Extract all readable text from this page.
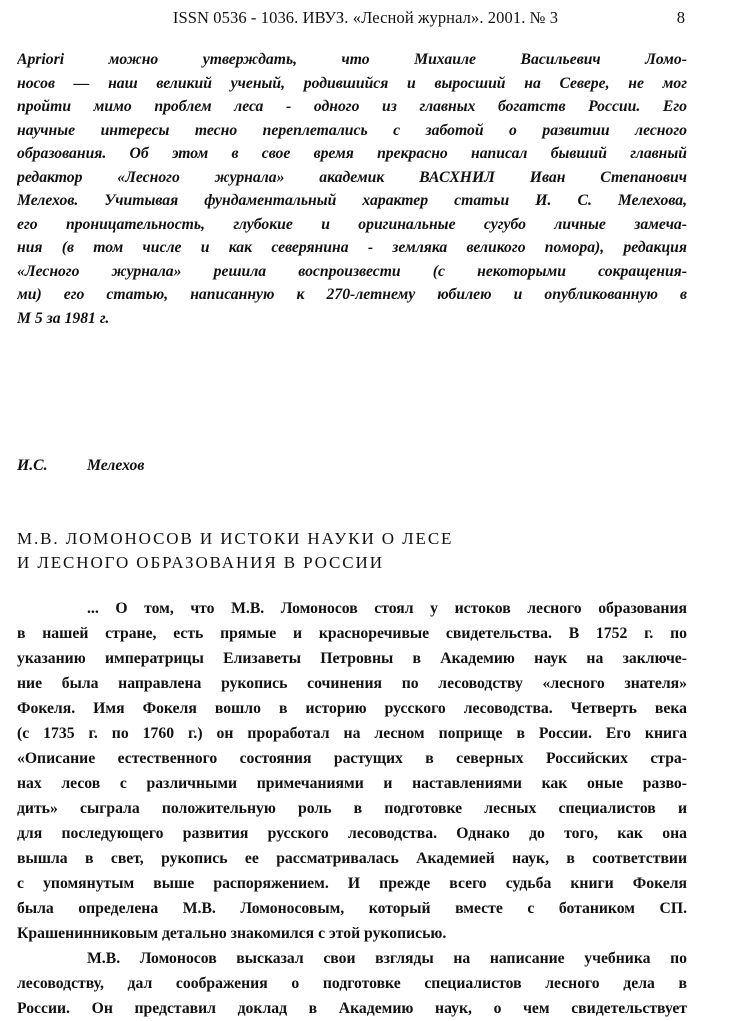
ISSN 0536 - 1036. ИВУЗ. «Лесной журнал». 2001. № 3	8
Apriori можно утверждать, что Михаиле Васильевич Ломо-
носов — наш великий ученый, родившийся и выросший на Севере, не мог
пройти мимо проблем леса - одного из главных богатств России. Его
научные интересы тесно переплетались с заботой о развитии лесного
образования. Об этом в свое время прекрасно написал бывший главный
редактор «Лесного журнала» академик ВАСХНИЛ Иван Степанович
Мелехов. Учитывая фундаментальный характер статьи И. С. Мелехова,
его проницательность, глубокие и оригинальные сугубо личные замеча-
ния (в том числе и как северянина - земляка великого помора), редакция
«Лесного журнала» решила воспроизвести (с некоторыми сокращения-
ми) его статью, написанную к 270-летнему юбилею и опубликованную в
М 5 за 1981 г.
И.С.	Мелехов
М.В. ЛОМОНОСОВ И ИСТОКИ НАУКИ О ЛЕСЕ
И ЛЕСНОГО ОБРАЗОВАНИЯ В РОССИИ
... О том, что М.В. Ломоносов стоял у истоков лесного образования
в нашей стране, есть прямые и красноречивые свидетельства. В 1752 г. по
указанию императрицы Елизаветы Петровны в Академию наук на заключе-
ние была направлена рукопись сочинения по лесоводству «лесного знателя»
Фокеля. Имя Фокеля вошло в историю русского лесоводства. Четверть века
(с 1735 г. по 1760 г.) он проработал на лесном поприще в России. Его книга
«Описание естественного состояния растущих в северных Российских стра-
нах лесов с различными примечаниями и наставлениями как оные разво-
дить» сыграла положительную роль в подготовке лесных специалистов и
для последующего развития русского лесоводства. Однако до того, как она
вышла в свет, рукопись ее рассматривалась Академией наук, в соответствии
с упомянутым выше распоряжением. И прежде всего судьба книги Фокеля
была определена М.В. Ломоносовым, который вместе с ботаником СП.
Крашенинниковым детально знакомился с этой рукописью.
М.В. Ломоносов высказал свои взгляды на написание учебника по
лесоводству, дал соображения о подготовке специалистов лесного дела в
России. Он представил доклад в Академию наук, о чем свидетельствует
